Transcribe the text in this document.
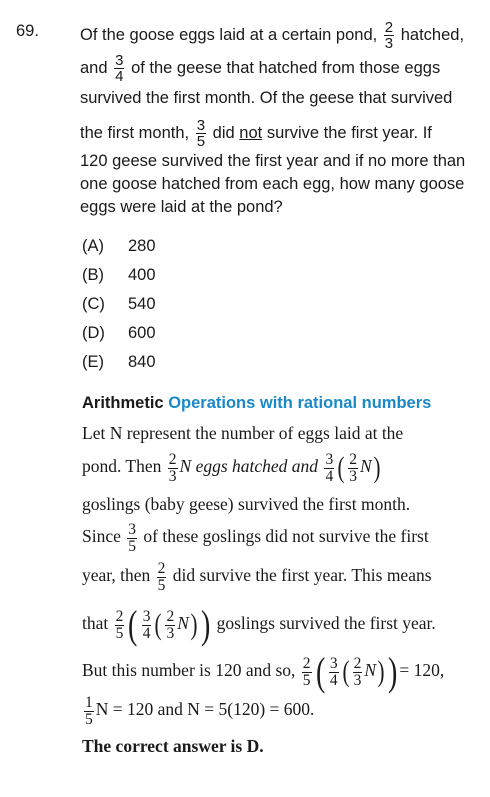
69. Of the goose eggs laid at a certain pond, $\frac{2}{3}$ hatched,
and $\frac{3}{4}$ of the geese that hatched from those eggs
survived the first month. Of the geese that survived
the first month, $\frac{3}{5}$ did not survive the first year. If
120 geese survived the first year and if no more than
one goose hatched from each egg, how many goose
eggs were laid at the pond?
(A) 280
(B) 400
(C) 540
(D) 600
(E) 840
Arithmetic Operations with rational numbers
Let N represent the number of eggs laid at the
pond. Then $\frac{2}{3}$ N eggs hatched and $\frac{3}{4}$ ( $\frac{2}{3} N$)
goslings (baby geese) survived the first month.
Since $\frac{3}{5}$ of these goslings did not survive the first
year, then $\frac{2}{5}$ did survive the first year. This means
that $\frac{2}{5}$ ( $\frac{3}{4}$ ( $\frac{2}{3} N$)) goslings survived the first year.
But this number is 120 and so, $\frac{2}{5}$ ( $\frac{3}{4}$ ( $\frac{2}{3} N)) = 120$,
$\frac{1}{5}$ N = 120 and N = 5(120) = 600.
The correct answer is D.
